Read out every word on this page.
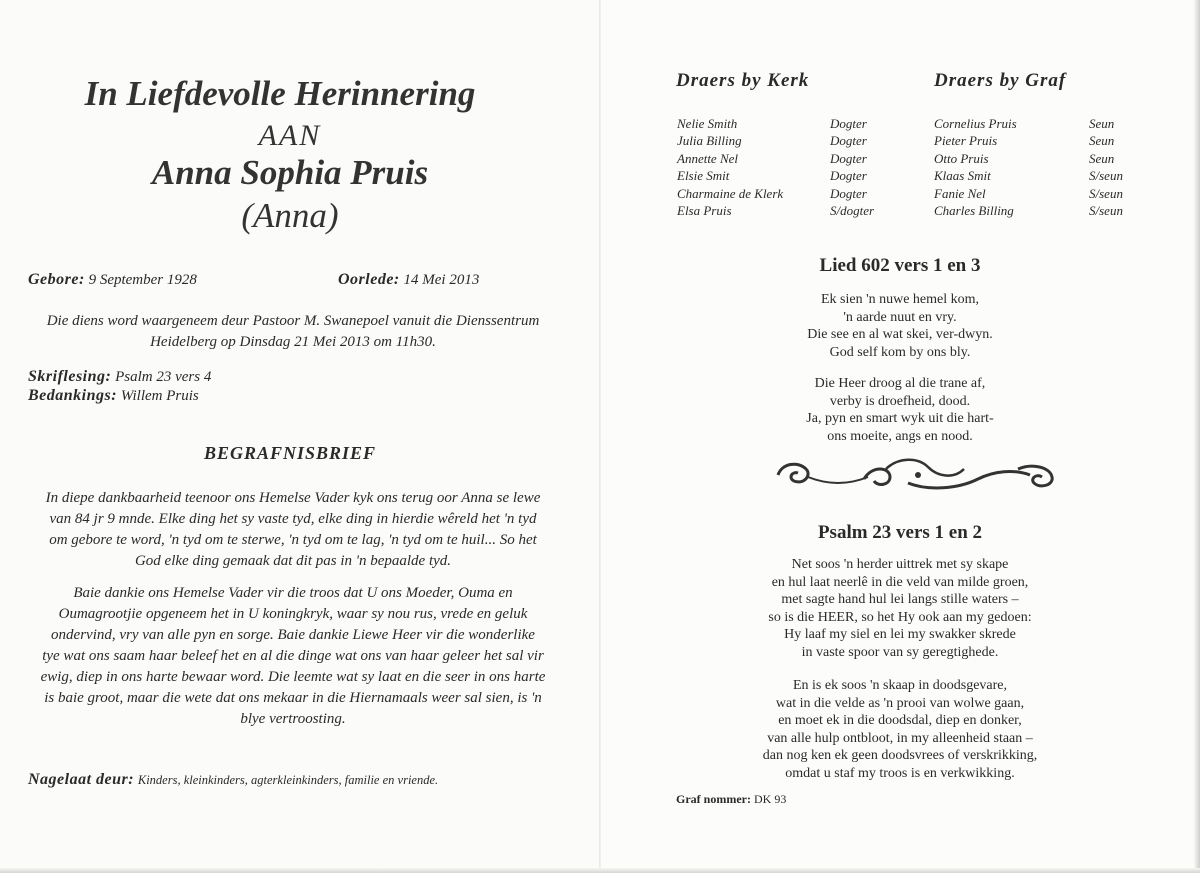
In Liefdevolle Herinnering
AAN
Anna Sophia Pruis
(Anna)
Gebore: 9 September 1928	Oorlede: 14 Mei 2013
Die diens word waargeneem deur Pastoor M. Swanepoel vanuit die Dienssentrum
Heidelberg op Dinsdag 21 Mei 2013 om 11h30.
Skriflesing: Psalm 23 vers 4
Bedankings: Willem Pruis
BEGRAFNISBRIEF
In diepe dankbaarheid teenoor ons Hemelse Vader kyk ons terug oor Anna se lewe
van 84 jr 9 mnde. Elke ding het sy vaste tyd, elke ding in hierdie wêreld het 'n tyd
om gebore te word, 'n tyd om te sterwe, 'n tyd om te lag, 'n tyd om te huil... So het
God elke ding gemaak dat dit pas in 'n bepaalde tyd.
Baie dankie ons Hemelse Vader vir die troos dat U ons Moeder, Ouma en
Oumagrootjie opgeneem het in U koningkryk, waar sy nou rus, vrede en geluk
ondervind, vry van alle pyn en sorge. Baie dankie Liewe Heer vir die wonderlike
tye wat ons saam haar beleef het en al die dinge wat ons van haar geleer het sal vir
ewig, diep in ons harte bewaar word. Die leemte wat sy laat en die seer in ons harte
is baie groot, maar die wete dat ons mekaar in die Hiernamaals weer sal sien, is 'n
blye vertroosting.
Nagelaat deur: Kinders, kleinkinders, agterkleinkinders, familie en vriende.
Draers by Kerk	Draers by Graf
Nelie Smith
Julia Billing
Annette Nel
Elsie Smit
Charmaine de Klerk
Elsa Pruis
Dogter
Dogter
Dogter
Dogter
Dogter
S/dogter
Cornelius Pruis
Pieter Pruis
Otto Pruis
Klaas Smit
Fanie Nel
Charles Billing
Seun
Seun
Seun
S/seun
S/seun
S/seun
Lied 602 vers 1 en 3
Ek sien 'n nuwe hemel kom,
'n aarde nuut en vry.
Die see en al wat skei, ver-dwyn.
God self kom by ons bly.
Die Heer droog al die trane af,
verby is droefheid, dood.
Ja, pyn en smart wyk uit die hart-
ons moeite, angs en nood.
Psalm 23 vers 1 en 2
Net soos 'n herder uittrek met sy skape
en hul laat neerlê in die veld van milde groen,
met sagte hand hul lei langs stille waters –
so is die HEER, so het Hy ook aan my gedoen:
Hy laaf my siel en lei my swakker skrede
in vaste spoor van sy geregtighede.
En is ek soos 'n skaap in doodsgevare,
wat in die velde as 'n prooi van wolwe gaan,
en moet ek in die doodsdal, diep en donker,
van alle hulp ontbloot, in my alleenheid staan –
dan nog ken ek geen doodsvrees of verskrikking,
omdat u staf my troos is en verkwikking.
Graf nommer: DK 93
